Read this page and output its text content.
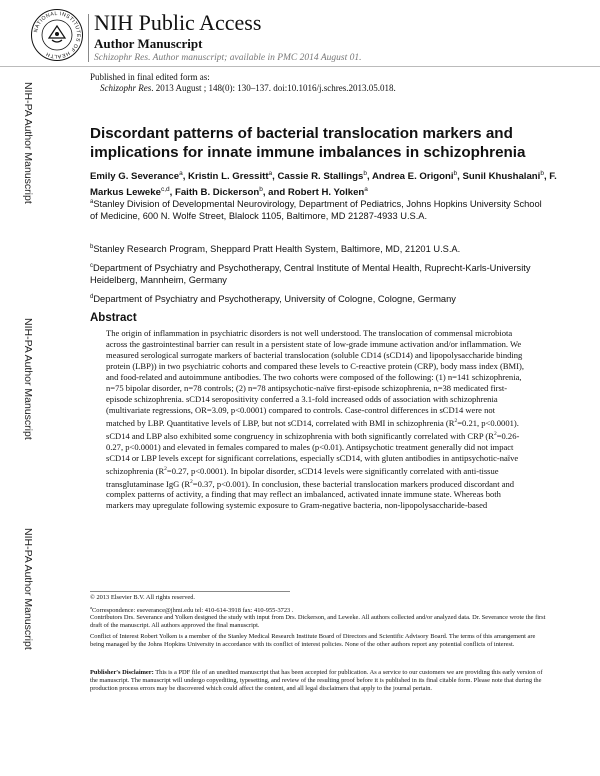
NATIONAL INSTITUTES OF HEALTH
NIH Public Access
Author Manuscript
Schizophr Res. Author manuscript; available in PMC 2014 August 01.
Published in final edited form as:
Schizophr Res. 2013 August ; 148(0): 130–137. doi:10.1016/j.schres.2013.05.018.
NIH-PA Author Manuscript
NIH-PA Author Manuscript
NIH-PA Author Manuscript
Discordant patterns of bacterial translocation markers and implications for innate immune imbalances in schizophrenia
Emily G. Severance$^a$, Kristin L. Gressitt$^a$, Cassie R. Stallings$^b$, Andrea E. Origoni$^b$, Sunil Khushalani$^b$, F. Markus Leweke$^{c,d}$, Faith B. Dickerson$^b$, and Robert H. Yolken$^a$
$^a$Stanley Division of Developmental Neurovirology, Department of Pediatrics, Johns Hopkins University School of Medicine, 600 N. Wolfe Street, Blalock 1105, Baltimore, MD 21287-4933 U.S.A.
$^b$Stanley Research Program, Sheppard Pratt Health System, Baltimore, MD, 21201 U.S.A.
$^c$Department of Psychiatry and Psychotherapy, Central Institute of Mental Health, Ruprecht-Karls-University Heidelberg, Mannheim, Germany
$^d$Department of Psychiatry and Psychotherapy, University of Cologne, Cologne, Germany
Abstract
The origin of inflammation in psychiatric disorders is not well understood. The translocation of commensal microbiota across the gastrointestinal barrier can result in a persistent state of low-grade immune activation and/or inflammation. We measured serological surrogate markers of bacterial translocation (soluble CD14 (sCD14) and lipopolysaccharide binding protein (LBP)) in two psychiatric cohorts and compared these levels to C-reactive protein (CRP), body mass index (BMI), and food-related and autoimmune antibodies. The two cohorts were composed of the following: (1) n=141 schizophrenia, n=75 bipolar disorder, n=78 controls; (2) n=78 antipsychotic-naïve first-episode schizophrenia, n=38 medicated first-episode schizophrenia. sCD14 seropositivity conferred a 3.1-fold increased odds of association with schizophrenia (multivariate regressions, OR=3.09, p<0.0001) compared to controls. Case-control differences in sCD14 were not matched by LBP. Quantitative levels of LBP, but not sCD14, correlated with BMI in schizophrenia ($R^2=0.21$, p<0.0001). sCD14 and LBP also exhibited some congruency in schizophrenia with both significantly correlated with CRP ($R^2=0.26-0.27$, p<0.0001) and elevated in females compared to males (p<0.01). Antipsychotic treatment generally did not impact sCD14 or LBP levels except for significant correlations, especially sCD14, with gluten antibodies in antipsychotic-naïve schizophrenia ($R^2=0.27$, p<0.0001). In bipolar disorder, sCD14 levels were significantly correlated with anti-tissue transglutaminase IgG ($R^2=0.37$, p<0.001). In conclusion, these bacterial translocation markers produced discordant and complex patterns of activity, a finding that may reflect an imbalanced, activated innate immune state. Whereas both markers may upregulate following systemic exposure to Gram-negative bacteria, non-lipopolysaccharide-based
© 2013 Elsevier B.V. All rights reserved.
$^a$Correspondence: eseverance@jhmi.edu tel: 410-614-3918 fax: 410-955-3723 .
Contributors Drs. Severance and Yolken designed the study with input from Drs. Dickerson, and Leweke. All authors collected and/or analyzed data. Dr. Severance wrote the first draft of the manuscript. All authors approved the final manuscript.
Conflict of Interest Robert Yolken is a member of the Stanley Medical Research Institute Board of Directors and Scientific Advisory Board. The terms of this arrangement are being managed by the Johns Hopkins University in accordance with its conflict of interest policies. None of the other authors report any potential conflicts of interest.
Publisher's Disclaimer: This is a PDF file of an unedited manuscript that has been accepted for publication. As a service to our customers we are providing this early version of the manuscript. The manuscript will undergo copyediting, typesetting, and review of the resulting proof before it is published in its final citable form. Please note that during the production process errors may be discovered which could affect the content, and all legal disclaimers that apply to the journal pertain.
